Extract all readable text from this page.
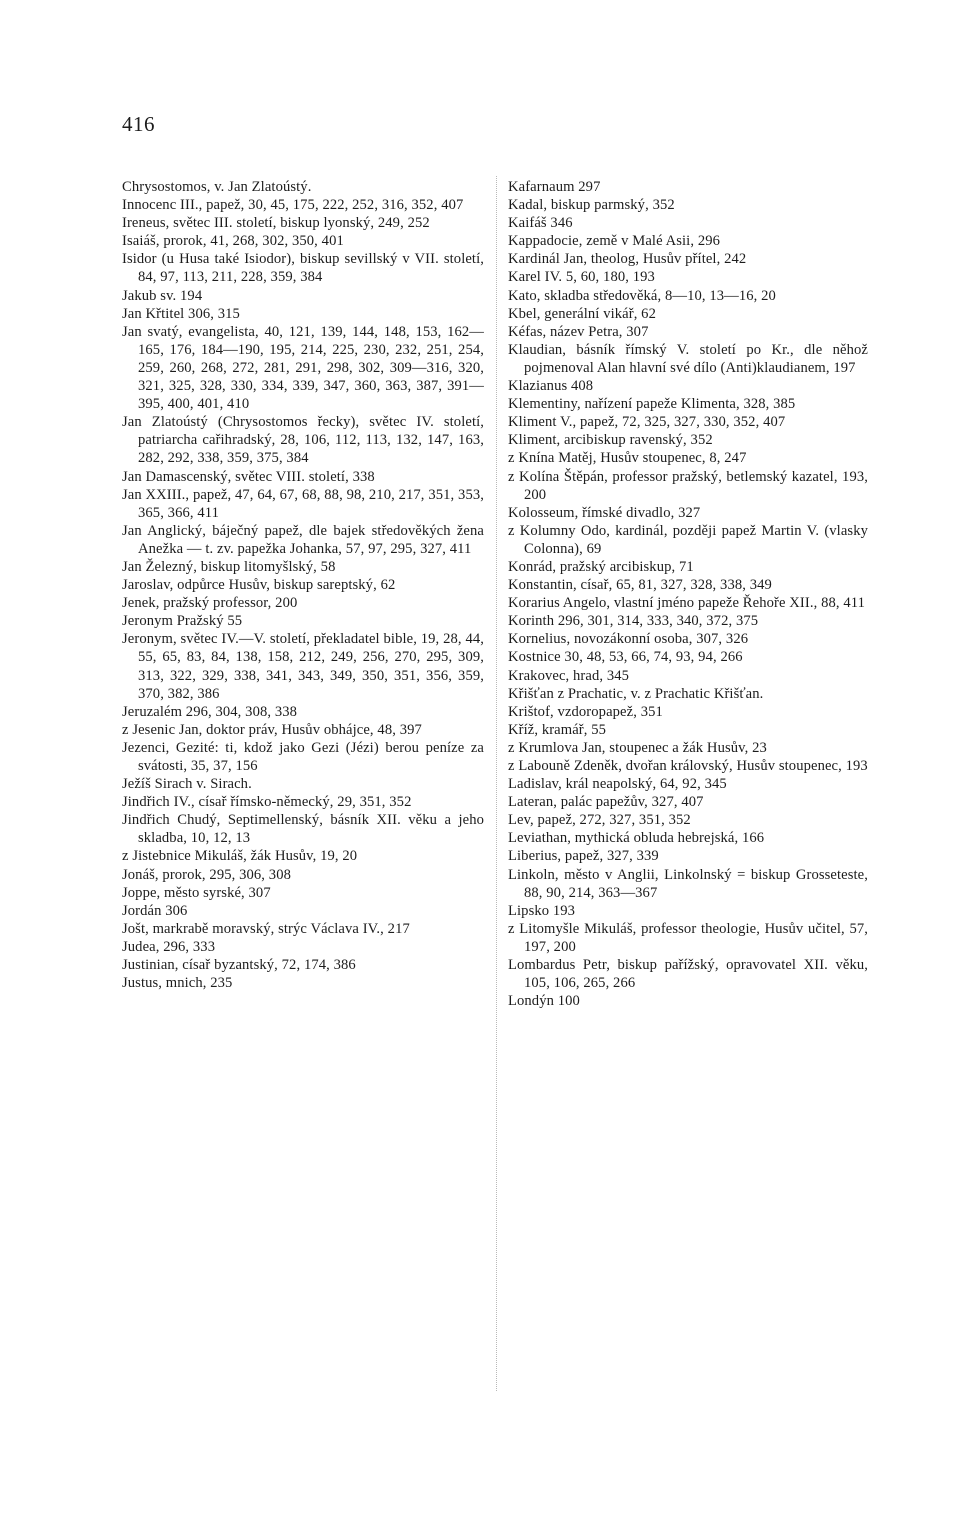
416
Chrysostomos, v. Jan Zlatoústý.
Innocenc III., papež, 30, 45, 175, 222, 252, 316, 352, 407
Ireneus, světec III. století, biskup lyonský, 249, 252
Isaiáš, prorok, 41, 268, 302, 350, 401
Isidor (u Husa také Isiodor), biskup sevillský v VII. století, 84, 97, 113, 211, 228, 359, 384
Jakub sv. 194
Jan Křtitel 306, 315
Jan svatý, evangelista, 40, 121, 139, 144, 148, 153, 162—165, 176, 184—190, 195, 214, 225, 230, 232, 251, 254, 259, 260, 268, 272, 281, 291, 298, 302, 309—316, 320, 321, 325, 328, 330, 334, 339, 347, 360, 363, 387, 391—395, 400, 401, 410
Jan Zlatoústý (Chrysostomos řecky), světec IV. století, patriarcha cařihradský, 28, 106, 112, 113, 132, 147, 163, 282, 292, 338, 359, 375, 384
Jan Damascenský, světec VIII. století, 338
Jan XXIII., papež, 47, 64, 67, 68, 88, 98, 210, 217, 351, 353, 365, 366, 411
Jan Anglický, báječný papež, dle bajek středověkých žena Anežka — t. zv. papežka Johanka, 57, 97, 295, 327, 411
Jan Železný, biskup litomyšlský, 58
Jaroslav, odpůrce Husův, biskup sareptský, 62
Jenek, pražský professor, 200
Jeronym Pražský 55
Jeronym, světec IV.—V. století, překladatel bible, 19, 28, 44, 55, 65, 83, 84, 138, 158, 212, 249, 256, 270, 295, 309, 313, 322, 329, 338, 341, 343, 349, 350, 351, 356, 359, 370, 382, 386
Jeruzalém 296, 304, 308, 338
z Jesenic Jan, doktor práv, Husův obhájce, 48, 397
Jezenci, Gezité: ti, kdož jako Gezi (Jézi) berou peníze za svátosti, 35, 37, 156
Ježíš Sirach v. Sirach.
Jindřich IV., císař římsko-německý, 29, 351, 352
Jindřich Chudý, Septimellenský, básník XII. věku a jeho skladba, 10, 12, 13
z Jistebnice Mikuláš, žák Husův, 19, 20
Jonáš, prorok, 295, 306, 308
Joppe, město syrské, 307
Jordán 306
Jošt, markrabě moravský, strýc Václava IV., 217
Judea, 296, 333
Justinian, císař byzantský, 72, 174, 386
Justus, mnich, 235
Kafarnaum 297
Kadal, biskup parmský, 352
Kaifáš 346
Kappadocie, země v Malé Asii, 296
Kardinál Jan, theolog, Husův přítel, 242
Karel IV. 5, 60, 180, 193
Kato, skladba středověká, 8—10, 13—16, 20
Kbel, generální vikář, 62
Kéfas, název Petra, 307
Klaudian, básník římský V. století po Kr., dle něhož pojmenoval Alan hlavní své dílo (Anti)klaudianem, 197
Klazianus 408
Klementiny, nařízení papeže Klimenta, 328, 385
Kliment V., papež, 72, 325, 327, 330, 352, 407
Kliment, arcibiskup ravenský, 352
z Knína Matěj, Husův stoupenec, 8, 247
z Kolína Štěpán, professor pražský, betlemský kazatel, 193, 200
Kolosseum, římské divadlo, 327
z Kolumny Odo, kardinál, později papež Martin V. (vlasky Colonna), 69
Konrád, pražský arcibiskup, 71
Konstantin, císař, 65, 81, 327, 328, 338, 349
Korarius Angelo, vlastní jméno papeže Řehoře XII., 88, 411
Korinth 296, 301, 314, 333, 340, 372, 375
Kornelius, novozákonní osoba, 307, 326
Kostnice 30, 48, 53, 66, 74, 93, 94, 266
Krakovec, hrad, 345
Křišťan z Prachatic, v. z Prachatic Křišťan.
Krištof, vzdoropapež, 351
Kříž, kramář, 55
z Krumlova Jan, stoupenec a žák Husův, 23
z Labouně Zdeněk, dvořan královský, Husův stoupenec, 193
Ladislav, král neapolský, 64, 92, 345
Lateran, palác papežův, 327, 407
Lev, papež, 272, 327, 351, 352
Leviathan, mythická obluda hebrejská, 166
Liberius, papež, 327, 339
Linkoln, město v Anglii, Linkolnský = biskup Grosseteste, 88, 90, 214, 363—367
Lipsko 193
z Litomyšle Mikuláš, professor theologie, Husův učitel, 57, 197, 200
Lombardus Petr, biskup pařížský, opravovatel XII. věku, 105, 106, 265, 266
Londýn 100
